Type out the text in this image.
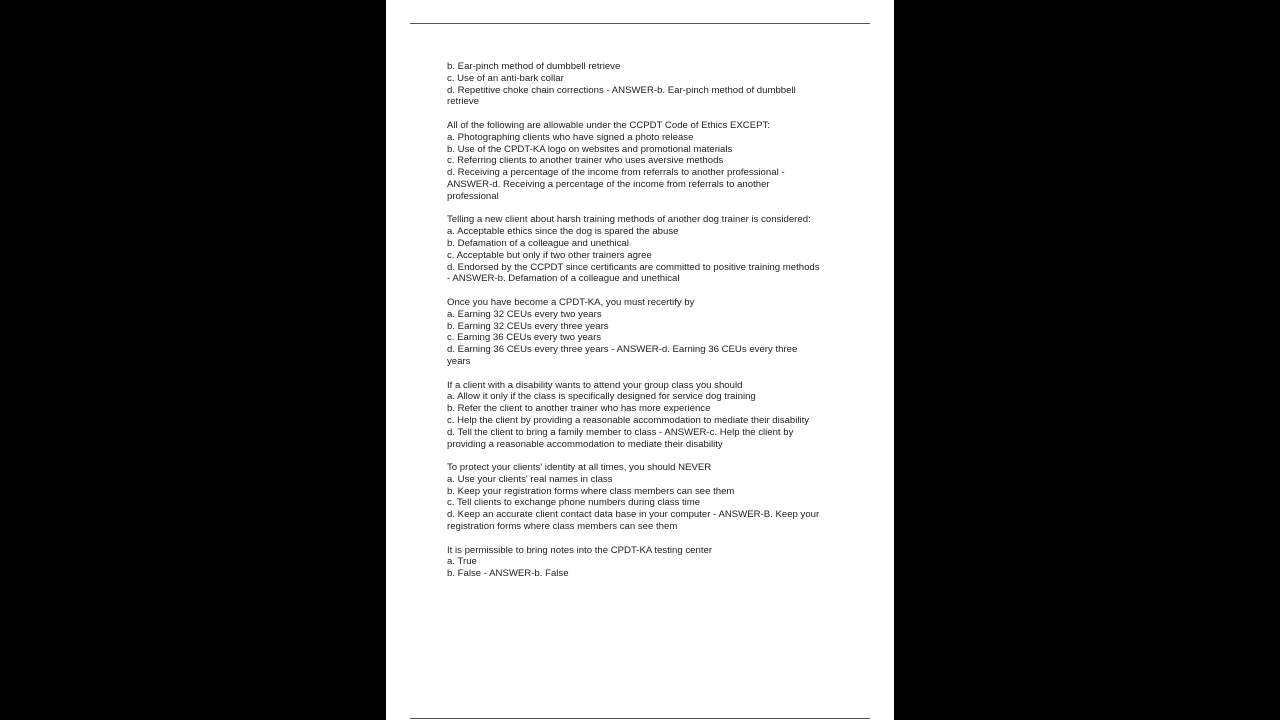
b. Ear-pinch method of dumbbell retrieve
c. Use of an anti-bark collar
d. Repetitive choke chain corrections - ANSWER-b. Ear-pinch method of dumbbell
retrieve
All of the following are allowable under the CCPDT Code of Ethics EXCEPT:
a. Photographing clients who have signed a photo release
b. Use of the CPDT-KA logo on websites and promotional materials
c. Referring clients to another trainer who uses aversive methods
d. Receiving a percentage of the income from referrals to another professional -
ANSWER-d. Receiving a percentage of the income from referrals to another
professional
Telling a new client about harsh training methods of another dog trainer is considered:
a. Acceptable ethics since the dog is spared the abuse
b. Defamation of a colleague and unethical
c. Acceptable but only if two other trainers agree
d. Endorsed by the CCPDT since certificants are committed to positive training methods
- ANSWER-b. Defamation of a colleague and unethical
Once you have become a CPDT-KA, you must recertify by
a. Earning 32 CEUs every two years
b. Earning 32 CEUs every three years
c. Earning 36 CEUs every two years
d. Earning 36 CEUs every three years - ANSWER-d. Earning 36 CEUs every three
years
If a client with a disability wants to attend your group class you should
a. Allow it only if the class is specifically designed for service dog training
b. Refer the client to another trainer who has more experience
c. Help the client by providing a reasonable accommodation to mediate their disability
d. Tell the client to bring a family member to class - ANSWER-c. Help the client by
providing a reasonable accommodation to mediate their disability
To protect your clients' identity at all times, you should NEVER
a. Use your clients' real names in class
b. Keep your registration forms where class members can see them
c. Tell clients to exchange phone numbers during class time
d. Keep an accurate client contact data base in your computer - ANSWER-B. Keep your
registration forms where class members can see them
It is permissible to bring notes into the CPDT-KA testing center
a. True
b. False - ANSWER-b. False
